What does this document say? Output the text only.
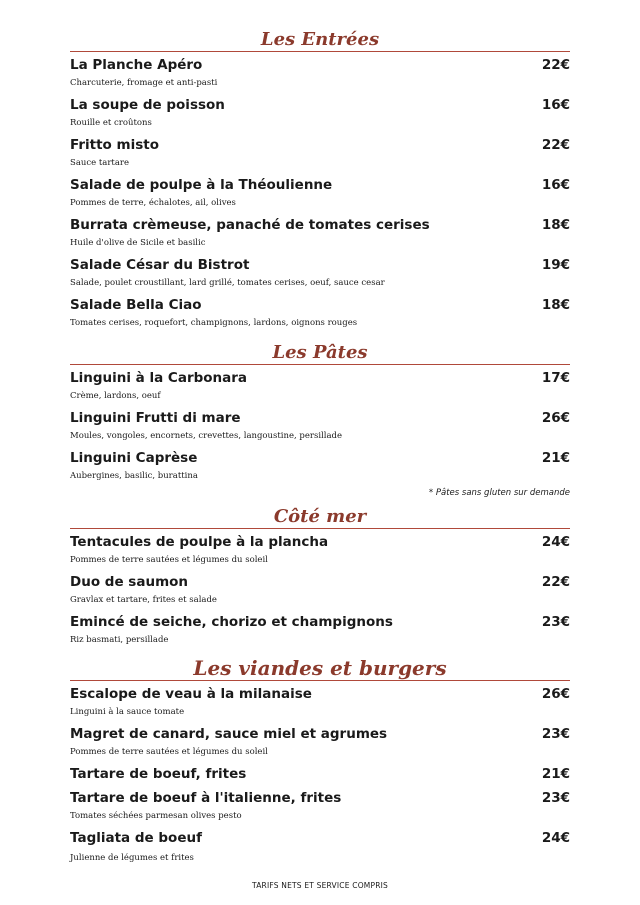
Les Entrées
La Planche Apéro	22€
Charcuterie, fromage et anti-pasti
La soupe de poisson	16€
Rouille et croûtons
Fritto misto	22€
Sauce tartare
Salade de poulpe à la Théoulienne	16€
Pommes de terre, échalotes, ail, olives
Burrata crèmeuse, panaché de tomates cerises	18€
Huile d'olive de Sicile et basilic
Salade César du Bistrot	19€
Salade, poulet croustillant, lard grillé, tomates cerises, oeuf, sauce cesar
Salade Bella Ciao	18€
Tomates cerises, roquefort, champignons, lardons, oignons rouges
Les Pâtes
Linguini à la Carbonara	17€
Crème, lardons, oeuf
Linguini Frutti di mare	26€
Moules, vongoles, encornets, crevettes, langoustine, persillade
Linguini Caprèse	21€
Aubergines, basilic, burattina
* Pâtes sans gluten sur demande
Côté mer
Tentacules de poulpe à la plancha	24€
Pommes de terre sautées et légumes du soleil
Duo de saumon	22€
Gravlax et tartare, frites et salade
Emincé de seiche, chorizo et champignons	23€
Riz basmati, persillade
Les viandes et burgers
Escalope de veau à la milanaise	26€
Linguini à la sauce tomate
Magret de canard, sauce miel et agrumes	23€
Pommes de terre sautées et légumes du soleil
Tartare de boeuf, frites	21€
Tartare de boeuf à l'italienne, frites	23€
Tomates séchées parmesan olives pesto
Tagliata de boeuf	24€
Julienne de légumes et frites
TARIFS NETS ET SERVICE COMPRIS
